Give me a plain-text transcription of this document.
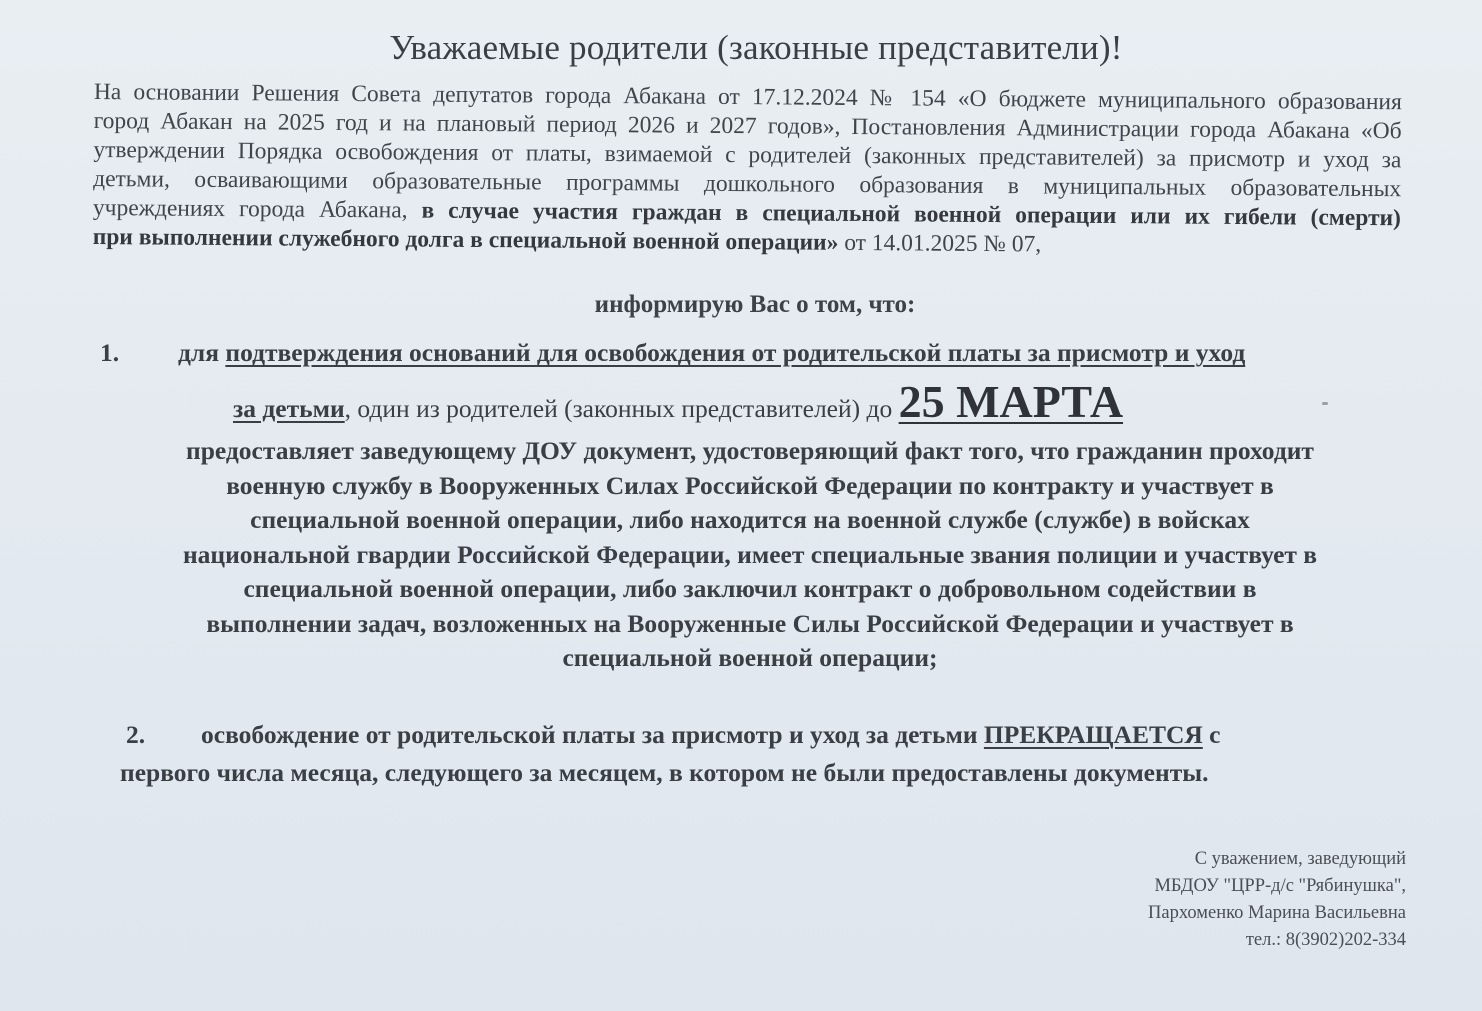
Уважаемые родители (законные представители)!
На основании Решения Совета депутатов города Абакана от 17.12.2024 № 154 «О бюджете муниципального образования
город Абакан на 2025 год и на плановый период 2026 и 2027 годов», Постановления Администрации города Абакана «Об
утверждении Порядка освобождения от платы, взимаемой с родителей (законных представителей) за присмотр и уход за
детьми, осваивающими образовательные программы дошкольного образования в муниципальных образовательных
учреждениях города Абакана, в случае участия граждан в специальной военной операции или их гибели (смерти)
при выполнении служебного долга в специальной военной операции» от 14.01.2025 № 07,
информирую Вас о том, что:
1. для подтверждения оснований для освобождения от родительской платы за присмотр и уход
за детьми, один из родителей (законных представителей) до 25 МАРТА
предоставляет заведующему ДОУ документ, удостоверяющий факт того, что гражданин проходит
военную службу в Вооруженных Силах Российской Федерации по контракту и участвует в
специальной военной операции, либо находится на военной службе (службе) в войсках
национальной гвардии Российской Федерации, имеет специальные звания полиции и участвует в
специальной военной операции, либо заключил контракт о добровольном содействии в
выполнении задач, возложенных на Вооруженные Силы Российской Федерации и участвует в
специальной военной операции;
2. освобождение от родительской платы за присмотр и уход за детьми ПРЕКРАЩАЕТСЯ с
первого числа месяца, следующего за месяцем, в котором не были предоставлены документы.
С уважением, заведующий
МБДОУ "ЦРР-д/с "Рябинушка",
Пархоменко Марина Васильевна
тел.: 8(3902)202-334
